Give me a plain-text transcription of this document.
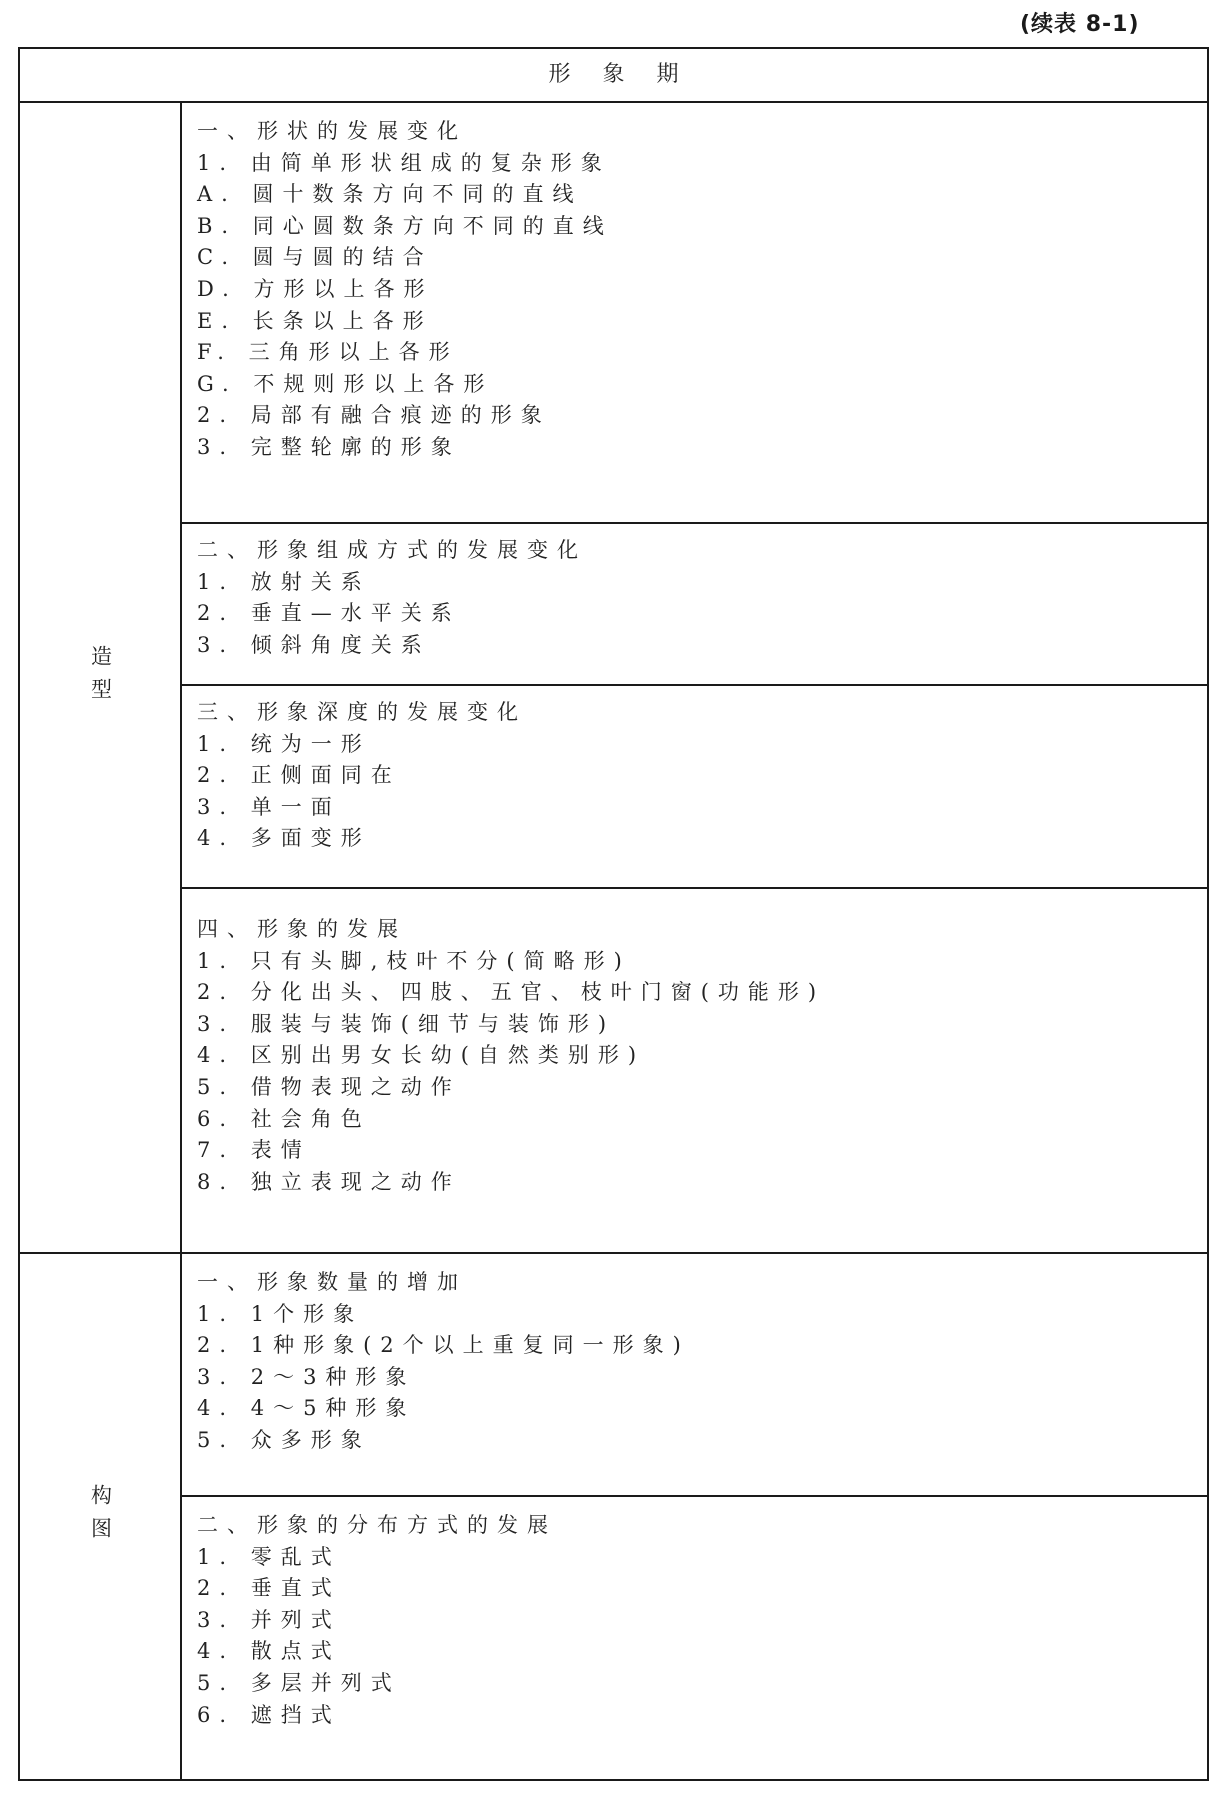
(续表 8-1)
形象期
造型
构图
一、形状的发展变化
1. 由简单形状组成的复杂形象
A. 圆十数条方向不同的直线
B. 同心圆数条方向不同的直线
C. 圆与圆的结合
D. 方形以上各形
E. 长条以上各形
F. 三角形以上各形
G. 不规则形以上各形
2. 局部有融合痕迹的形象
3. 完整轮廓的形象
二、形象组成方式的发展变化
1. 放射关系
2. 垂直—水平关系
3. 倾斜角度关系
三、形象深度的发展变化
1. 统为一形
2. 正侧面同在
3. 单一面
4. 多面变形
四、形象的发展
1. 只有头脚,枝叶不分(简略形)
2. 分化出头、四肢、五官、枝叶门窗(功能形)
3. 服装与装饰(细节与装饰形)
4. 区别出男女长幼(自然类别形)
5. 借物表现之动作
6. 社会角色
7. 表情
8. 独立表现之动作
一、形象数量的增加
1. 1个形象
2. 1种形象(2个以上重复同一形象)
3. 2～3种形象
4. 4～5种形象
5. 众多形象
二、形象的分布方式的发展
1. 零乱式
2. 垂直式
3. 并列式
4. 散点式
5. 多层并列式
6. 遮挡式
